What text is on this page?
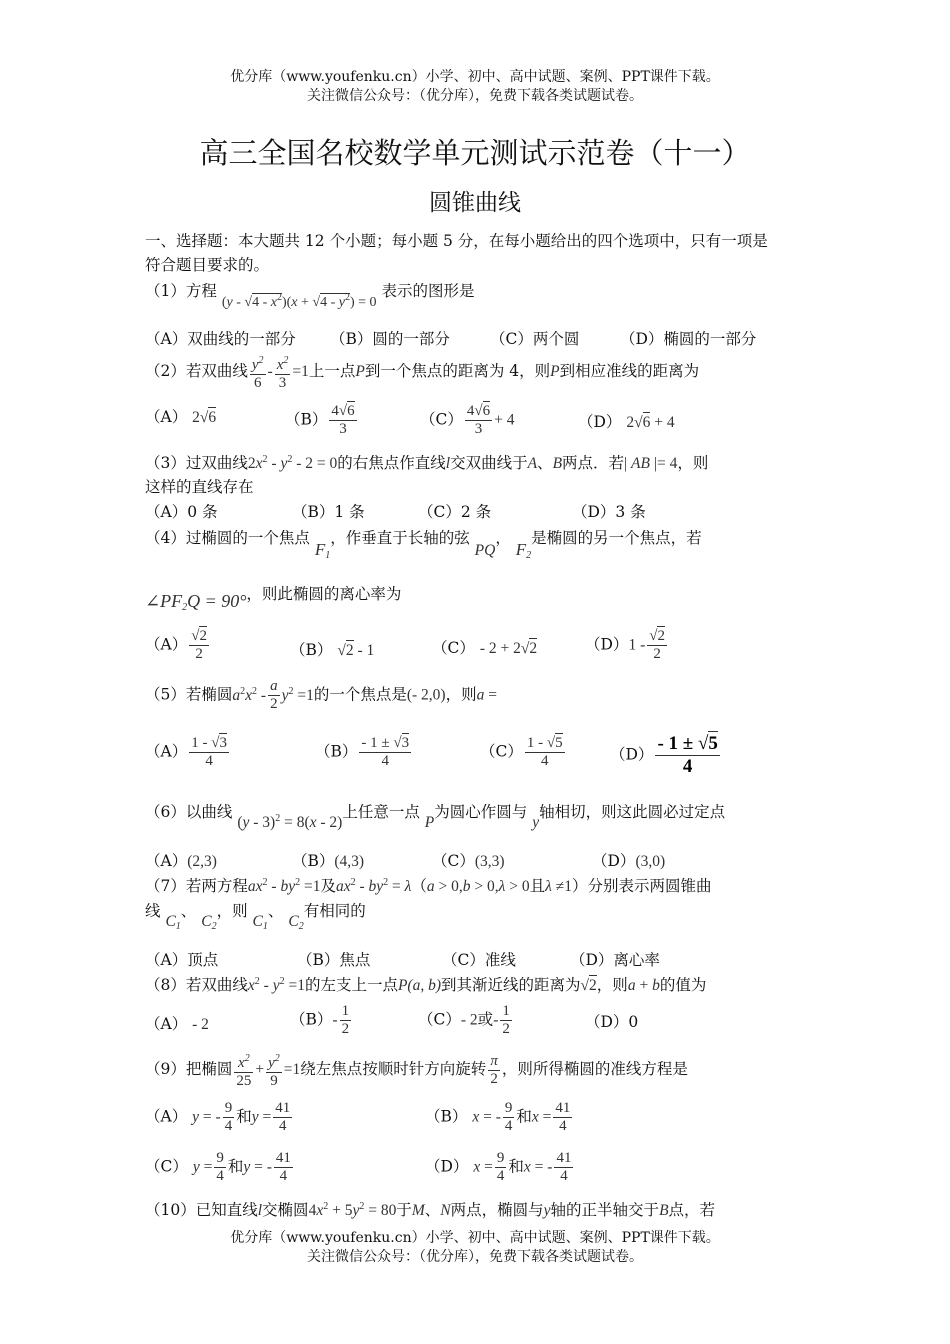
优分库（www.youfenku.cn）小学、初中、高中试题、案例、PPT课件下载。
关注微信公众号：（优分库），免费下载各类试题试卷。
高三全国名校数学单元测试示范卷（十一）
圆锥曲线
一、选择题：本大题共 12 个小题；每小题 5 分，在每小题给出的四个选项中，只有一项是
符合题目要求的。
（1）方程 $(y - √4 - x^2)(x + √4 - y^2) = 0$ 表示的图形是
（A）双曲线的一部分 （B）圆的一部分	（C）两个圆	（D）椭圆的一部分
（2）若双曲线 $\frac{y^2}{6} - \frac{x^2}{3} =1$上一点P到一个焦点的距离为 4，则P到相应准线的距离为
（A） 2√6	$(B) \frac{4√6}{3}$	$(C) \frac{4√6}{3} + 4$	（D） 2√6 + 4
（3）过双曲线$2x^2 - y^2 - 2 = 0$的右焦点作直线l交双曲线于A、B两点．若| AB |= 4，则
这样的直线存在
（A）0 条	（B）1 条	（C）2 条	（D）3 条
（4）过椭圆的一个焦点 F1，作垂直于长轴的弦 PQ， F2是椭圆的另一个焦点，若
∠PF2Q = 90°，则此椭圆的离心率为
$(A) \frac{√2}{2}$	（B） √2 - 1	（C） - 2 + 2√2	$(D)1 - \frac{√2}{2}$
（5）若椭圆$a^2x^2 - \frac{a}{2} y^2 =1$的一个焦点是(- 2,0)，则a =
$(A) \frac{1 - √3}{4}$	$(B) \frac{- 1 \pm √3}{4}$	$(C) \frac{1 - √5}{4}$	$(D) \frac{- 1 \pm √5}{4}$
（6）以曲线 (y - 3)$^2$ = 8(x - 2)上任意一点 P为圆心作圆与 y轴相切，则这此圆必过定点
（A）(2,3)	（B）(4,3)	（C）(3,3)	（D）(3,0)
（7）若两方程$ax^2 - by^2 =1$及$ax^2 - by^2 = \lambda(a > 0,b > 0,\lambda > 0$且λ ≠1）分别表示两圆锥曲
线 C1、 C2，则 C1、 C2有相同的
（A）顶点	（B）焦点	（C）准线	（D）离心率
（8）若双曲线$x^2 - y^2 =1$的左支上一点P(a, b)到其渐近线的距离为√2，则a + b的值为
（A） - 2	$(B)- \frac{1}{2}$	（C）- 2或- $\frac{1}{2}$	（D）0
（9）把椭圆 $\frac{x^2}{25} + \frac{y^2}{9} =1$绕左焦点按顺时针方向旋转 $\frac{\pi}{2}$ ，则所得椭圆的准线方程是
（A） y = - $\frac{9}{4}$ 和$y = \frac{41}{4}$	（B） x = - $\frac{9}{4}$ 和$x = \frac{41}{4}$
（C） $y = \frac{9}{4}$ 和y = - $\frac{41}{4}$	（D） $x = \frac{9}{4}$ 和x = - $\frac{41}{4}$
（10）已知直线l交椭圆$4x^2 + 5y^2 = 80$于M、N两点，椭圆与y轴的正半轴交于B点，若
优分库（www.youfenku.cn）小学、初中、高中试题、案例、PPT课件下载。
关注微信公众号：（优分库），免费下载各类试题试卷。
